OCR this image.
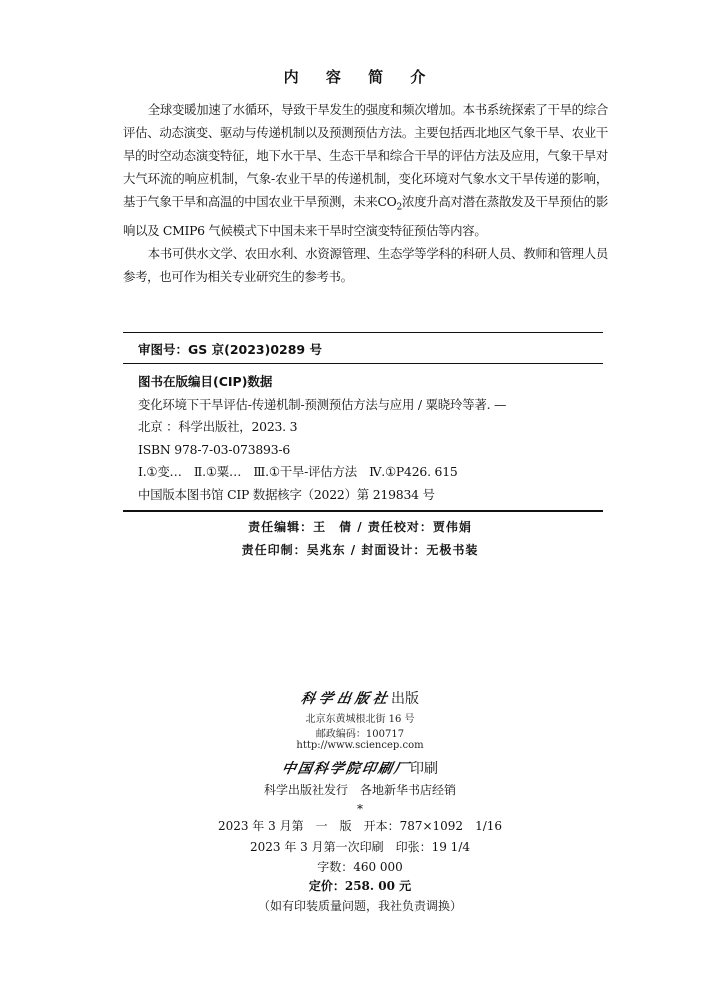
内 容 简 介

全球变暖加速了水循环，导致干旱发生的强度和频次增加。本书系统探索了干旱的综合评估、动态演变、驱动与传递机制以及预测预估方法。主要包括西北地区气象干旱、农业干旱的时空动态演变特征，地下水干旱、生态干旱和综合干旱的评估方法及应用，气象干旱对大气环流的响应机制，气象-农业干旱的传递机制，变化环境对气象水文干旱传递的影响，基于气象干旱和高温的中国农业干旱预测，未来$CO_2$浓度升高对潜在蒸散发及干旱预估的影响以及 CMIP6 气候模式下中国未来干旱时空演变特征预估等内容。

本书可供水文学、农田水利、水资源管理、生态学等学科的科研人员、教师和管理人员参考，也可作为相关专业研究生的参考书。

审图号：GS 京(2023)0289 号
图书在版编目(CIP)数据
变化环境下干旱评估-传递机制-预测预估方法与应用 / 粟晓玲等著. —
北京 ：科学出版社，2023. 3
ISBN 978-7-03-073893-6
Ⅰ.①变…　Ⅱ.①粟…　Ⅲ.①干旱-评估方法　Ⅳ.①P426. 615
中国版本图书馆 CIP 数据核字（2022）第 219834 号
责任编辑：王　倩 / 责任校对：贾伟娟
责任印制：吴兆东 / 封面设计：无极书装
科学出版社出版
北京东黄城根北街 16 号
邮政编码：100717
http://www.sciencep.com
中国科学院印刷厂印刷
科学出版社发行　各地新华书店经销
*
2023 年 3 月第　一　版　开本：787×1092　1/16
2023 年 3 月第一次印刷　印张：19 1/4
字数：460 000
定价：258. 00 元
（如有印装质量问题，我社负责调换）
